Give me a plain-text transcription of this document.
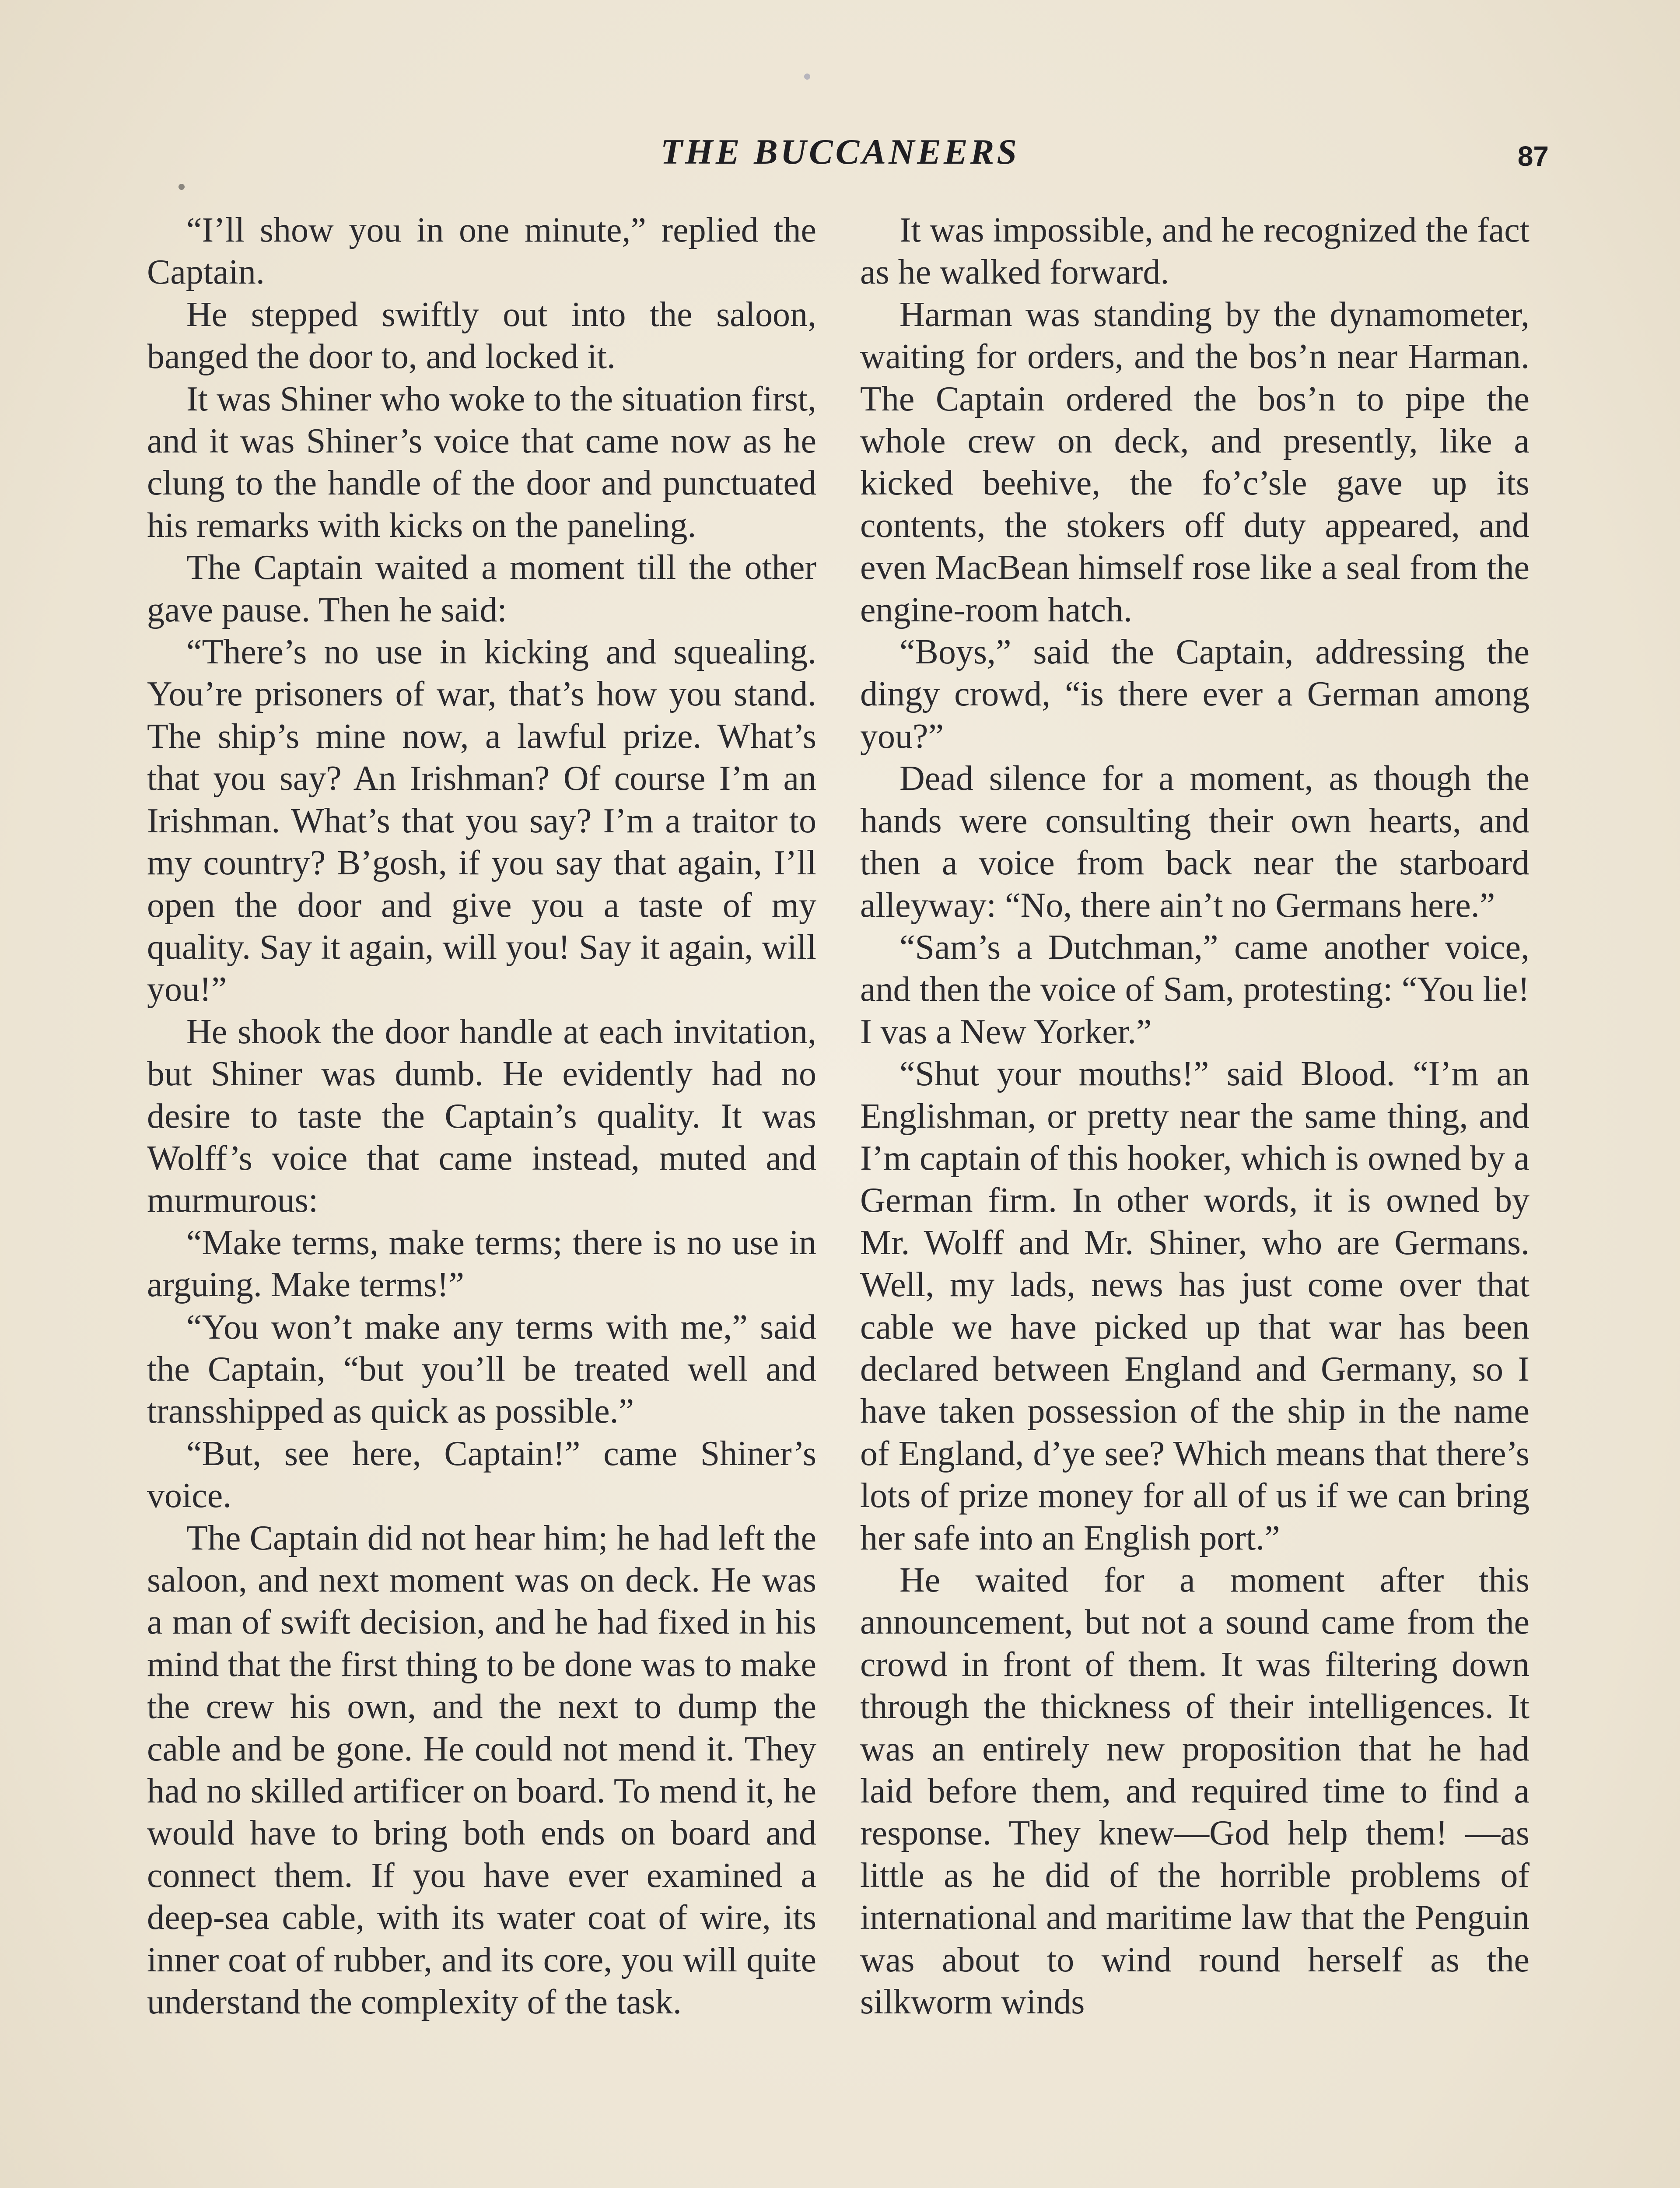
THE BUCCANEERS	87

“I’ll show you in one minute,” replied the Captain.

He stepped swiftly out into the saloon, banged the door to, and locked it.

It was Shiner who woke to the situation first, and it was Shiner’s voice that came now as he clung to the handle of the door and punctuated his remarks with kicks on the paneling.

The Captain waited a moment till the other gave pause. Then he said:

“There’s no use in kicking and squealing. You’re prisoners of war, that’s how you stand. The ship’s mine now, a lawful prize. What’s that you say? An Irishman? Of course I’m an Irishman. What’s that you say? I’m a traitor to my country? B’gosh, if you say that again, I’ll open the door and give you a taste of my quality. Say it again, will you! Say it again, will you!”

He shook the door handle at each invitation, but Shiner was dumb. He evidently had no desire to taste the Captain’s quality. It was Wolff’s voice that came instead, muted and murmurous:

“Make terms, make terms; there is no use in arguing. Make terms!”

“You won’t make any terms with me,” said the Captain, “but you’ll be treated well and transshipped as quick as possible.”

“But, see here, Captain!” came Shiner’s voice.

The Captain did not hear him; he had left the saloon, and next moment was on deck. He was a man of swift decision, and he had fixed in his mind that the first thing to be done was to make the crew his own, and the next to dump the cable and be gone. He could not mend it. They had no skilled artificer on board. To mend it, he would have to bring both ends on board and connect them. If you have ever examined a deep-sea cable, with its water coat of wire, its inner coat of rubber, and its core, you will quite understand the complexity of the task.

It was impossible, and he recognized the fact as he walked forward.

Harman was standing by the dynamometer, waiting for orders, and the bos’n near Harman. The Captain ordered the bos’n to pipe the whole crew on deck, and presently, like a kicked beehive, the fo’c’sle gave up its contents, the stokers off duty appeared, and even MacBean himself rose like a seal from the engine-room hatch.

“Boys,” said the Captain, addressing the dingy crowd, “is there ever a German among you?”

Dead silence for a moment, as though the hands were consulting their own hearts, and then a voice from back near the starboard alleyway: “No, there ain’t no Germans here.”

“Sam’s a Dutchman,” came another voice, and then the voice of Sam, protesting: “You lie! I vas a New Yorker.”

“Shut your mouths!” said Blood. “I’m an Englishman, or pretty near the same thing, and I’m captain of this hooker, which is owned by a German firm. In other words, it is owned by Mr. Wolff and Mr. Shiner, who are Germans. Well, my lads, news has just come over that cable we have picked up that war has been declared between England and Germany, so I have taken possession of the ship in the name of England, d’ye see? Which means that there’s lots of prize money for all of us if we can bring her safe into an English port.”

He waited for a moment after this announcement, but not a sound came from the crowd in front of them. It was filtering down through the thickness of their intelligences. It was an entirely new proposition that he had laid before them, and required time to find a response. They knew—God help them! —as little as he did of the horrible problems of international and maritime law that the Penguin was about to wind round herself as the silkworm winds
